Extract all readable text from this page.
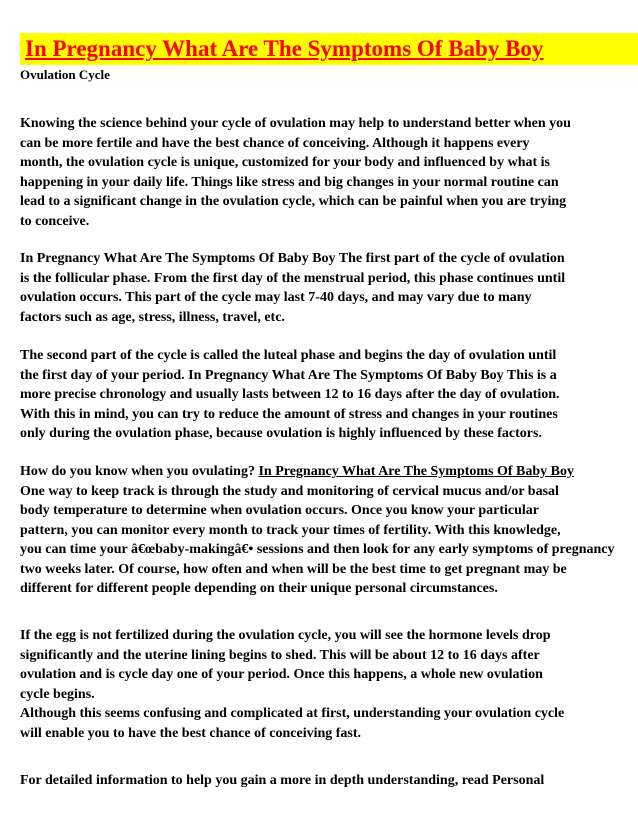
In Pregnancy What Are The Symptoms Of Baby Boy

Ovulation Cycle

Knowing the science behind your cycle of ovulation may help to understand better when you
can be more fertile and have the best chance of conceiving. Although it happens every
month, the ovulation cycle is unique, customized for your body and influenced by what is
happening in your daily life. Things like stress and big changes in your normal routine can
lead to a significant change in the ovulation cycle, which can be painful when you are trying
to conceive.

In Pregnancy What Are The Symptoms Of Baby Boy The first part of the cycle of ovulation
is the follicular phase. From the first day of the menstrual period, this phase continues until
ovulation occurs. This part of the cycle may last 7-40 days, and may vary due to many
factors such as age, stress, illness, travel, etc.

The second part of the cycle is called the luteal phase and begins the day of ovulation until
the first day of your period. In Pregnancy What Are The Symptoms Of Baby Boy This is a
more precise chronology and usually lasts between 12 to 16 days after the day of ovulation.
With this in mind, you can try to reduce the amount of stress and changes in your routines
only during the ovulation phase, because ovulation is highly influenced by these factors.

How do you know when you ovulating? In Pregnancy What Are The Symptoms Of Baby Boy
One way to keep track is through the study and monitoring of cervical mucus and/or basal
body temperature to determine when ovulation occurs. Once you know your particular
pattern, you can monitor every month to track your times of fertility. With this knowledge,
you can time your â€œbaby-makingâ€• sessions and then look for any early symptoms of pregnancy
two weeks later. Of course, how often and when will be the best time to get pregnant may be
different for different people depending on their unique personal circumstances.

If the egg is not fertilized during the ovulation cycle, you will see the hormone levels drop
significantly and the uterine lining begins to shed. This will be about 12 to 16 days after
ovulation and is cycle day one of your period. Once this happens, a whole new ovulation
cycle begins.
Although this seems confusing and complicated at first, understanding your ovulation cycle
will enable you to have the best chance of conceiving fast.

For detailed information to help you gain a more in depth understanding, read Personal
